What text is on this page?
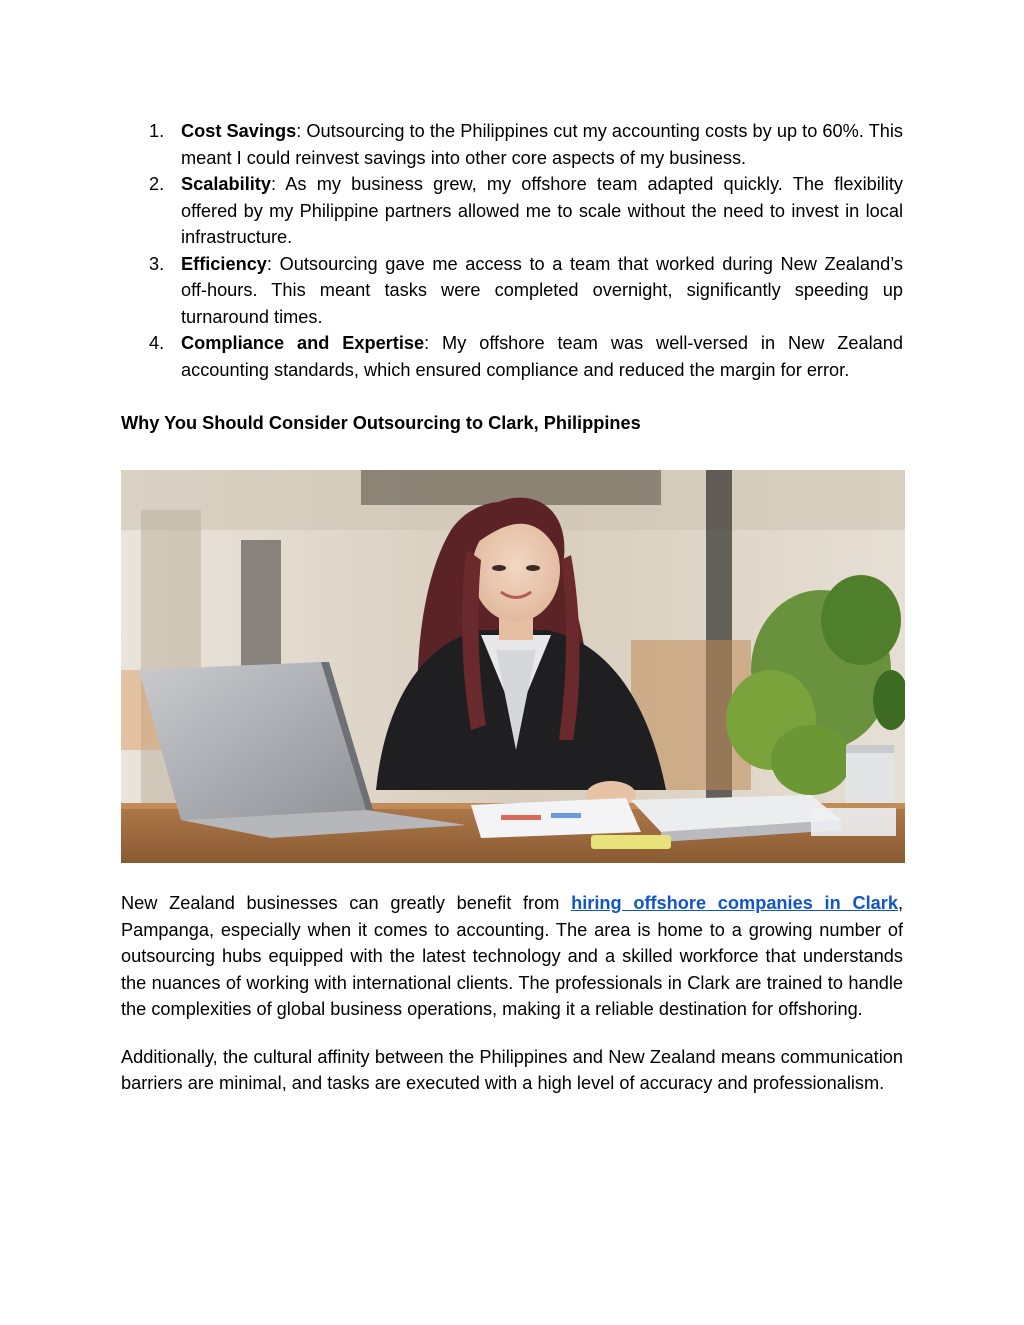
1. Cost Savings: Outsourcing to the Philippines cut my accounting costs by up to 60%. This meant I could reinvest savings into other core aspects of my business.
2. Scalability: As my business grew, my offshore team adapted quickly. The flexibility offered by my Philippine partners allowed me to scale without the need to invest in local infrastructure.
3. Efficiency: Outsourcing gave me access to a team that worked during New Zealand’s off-hours. This meant tasks were completed overnight, significantly speeding up turnaround times.
4. Compliance and Expertise: My offshore team was well-versed in New Zealand accounting standards, which ensured compliance and reduced the margin for error.
Why You Should Consider Outsourcing to Clark, Philippines

New Zealand businesses can greatly benefit from hiring offshore companies in Clark, Pampanga, especially when it comes to accounting. The area is home to a growing number of outsourcing hubs equipped with the latest technology and a skilled workforce that understands the nuances of working with international clients. The professionals in Clark are trained to handle the complexities of global business operations, making it a reliable destination for offshoring.

Additionally, the cultural affinity between the Philippines and New Zealand means communication barriers are minimal, and tasks are executed with a high level of accuracy and professionalism.
